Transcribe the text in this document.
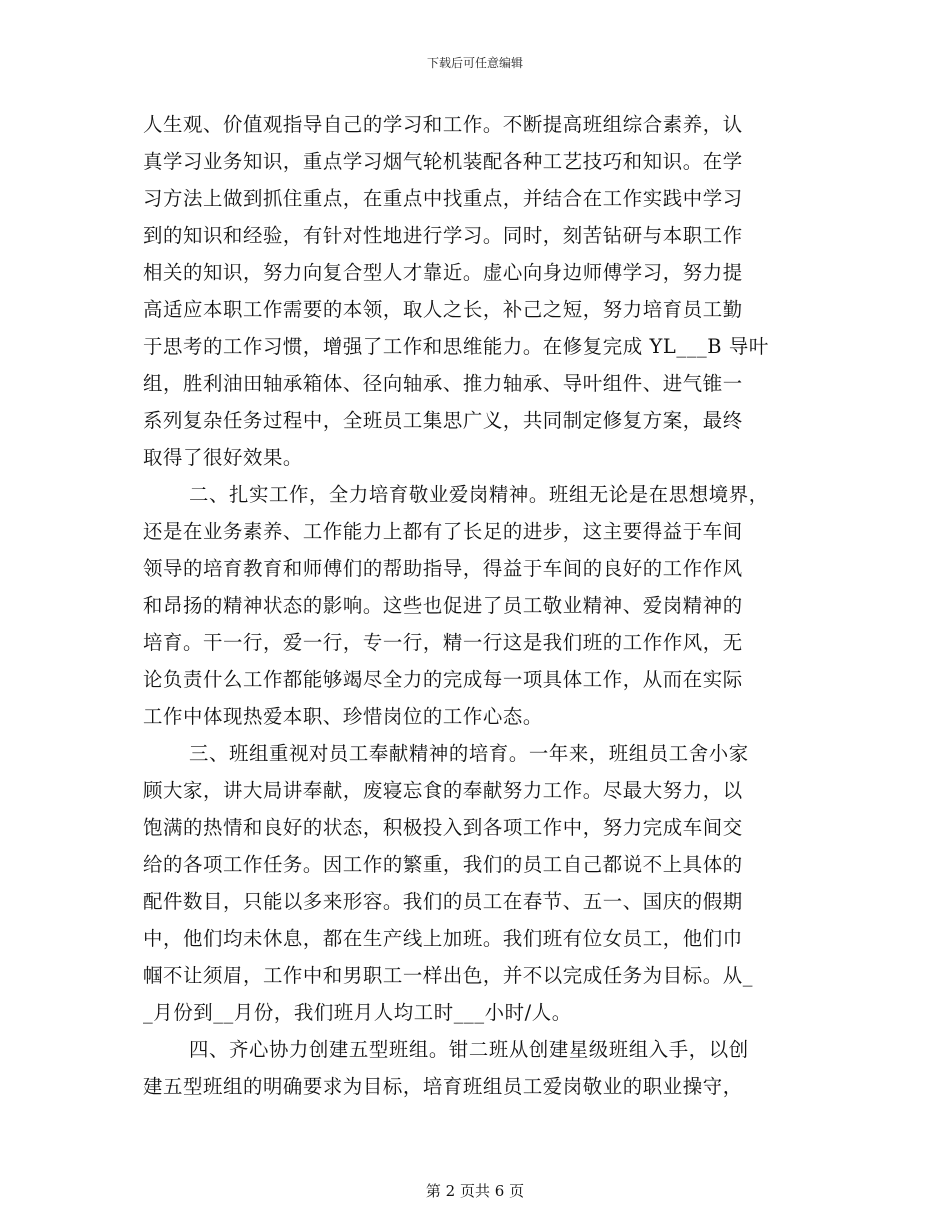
下载后可任意编辑
人生观、价值观指导自己的学习和工作。不断提高班组综合素养，认
真学习业务知识，重点学习烟气轮机装配各种工艺技巧和知识。在学
习方法上做到抓住重点，在重点中找重点，并结合在工作实践中学习
到的知识和经验，有针对性地进行学习。同时，刻苦钻研与本职工作
相关的知识，努力向复合型人才靠近。虚心向身边师傅学习，努力提
高适应本职工作需要的本领，取人之长，补己之短，努力培育员工勤
于思考的工作习惯，增强了工作和思维能力。在修复完成 YL___B 导叶
组，胜利油田轴承箱体、径向轴承、推力轴承、导叶组件、进气锥一
系列复杂任务过程中，全班员工集思广义，共同制定修复方案，最终
取得了很好效果。
二、扎实工作，全力培育敬业爱岗精神。班组无论是在思想境界，
还是在业务素养、工作能力上都有了长足的进步，这主要得益于车间
领导的培育教育和师傅们的帮助指导，得益于车间的良好的工作作风
和昂扬的精神状态的影响。这些也促进了员工敬业精神、爱岗精神的
培育。干一行，爱一行，专一行，精一行这是我们班的工作作风，无
论负责什么工作都能够竭尽全力的完成每一项具体工作，从而在实际
工作中体现热爱本职、珍惜岗位的工作心态。
三、班组重视对员工奉献精神的培育。一年来，班组员工舍小家
顾大家，讲大局讲奉献，废寝忘食的奉献努力工作。尽最大努力，以
饱满的热情和良好的状态，积极投入到各项工作中，努力完成车间交
给的各项工作任务。因工作的繁重，我们的员工自己都说不上具体的
配件数目，只能以多来形容。我们的员工在春节、五一、国庆的假期
中，他们均未休息，都在生产线上加班。我们班有位女员工，他们巾
帼不让须眉，工作中和男职工一样出色，并不以完成任务为目标。从_
_月份到__月份，我们班月人均工时___小时/人。
四、齐心协力创建五型班组。钳二班从创建星级班组入手，以创
建五型班组的明确要求为目标，培育班组员工爱岗敬业的职业操守，
第 2 页共 6 页
